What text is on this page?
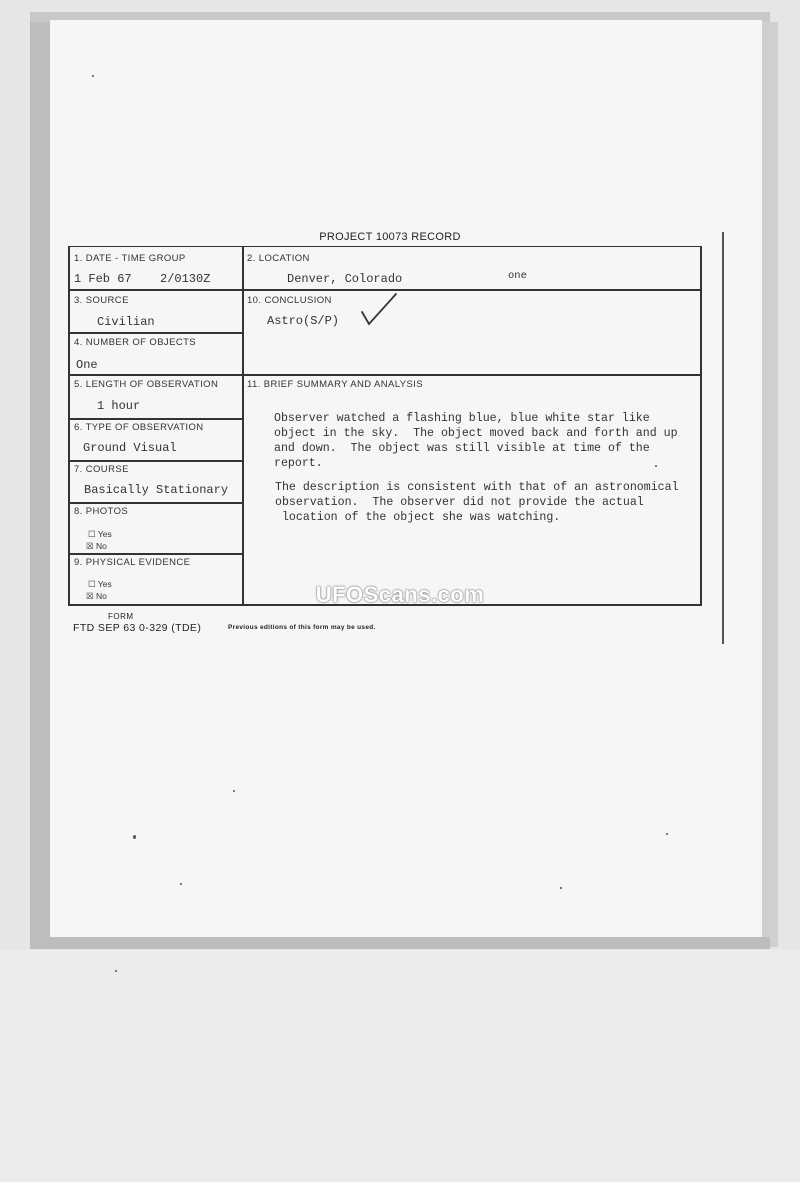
PROJECT 10073 RECORD
1. DATE - TIME GROUP
1 Feb 67 2/0130Z
2. LOCATION
Denver, Colorado	one
3. SOURCE
Civilian
10. CONCLUSION
Astro(S/P)
4. NUMBER OF OBJECTS
One
5. LENGTH OF OBSERVATION
1 hour
11. BRIEF SUMMARY AND ANALYSIS
Observer watched a flashing blue, blue white star like
object in the sky.  The object moved back and forth and up
and down.  The object was still visible at time of the
report.
The description is consistent with that of an astronomical
observation.  The observer did not provide the actual
location of the object she was watching.
6. TYPE OF OBSERVATION
Ground Visual
7. COURSE
Basically Stationary
8. PHOTOS
☐ Yes
☒ No
9. PHYSICAL EVIDENCE
☐ Yes
☒ No	UFOScans.com
FORM
FTD SEP 63 0-329 (TDE)	Previous editions of this form may be used.
